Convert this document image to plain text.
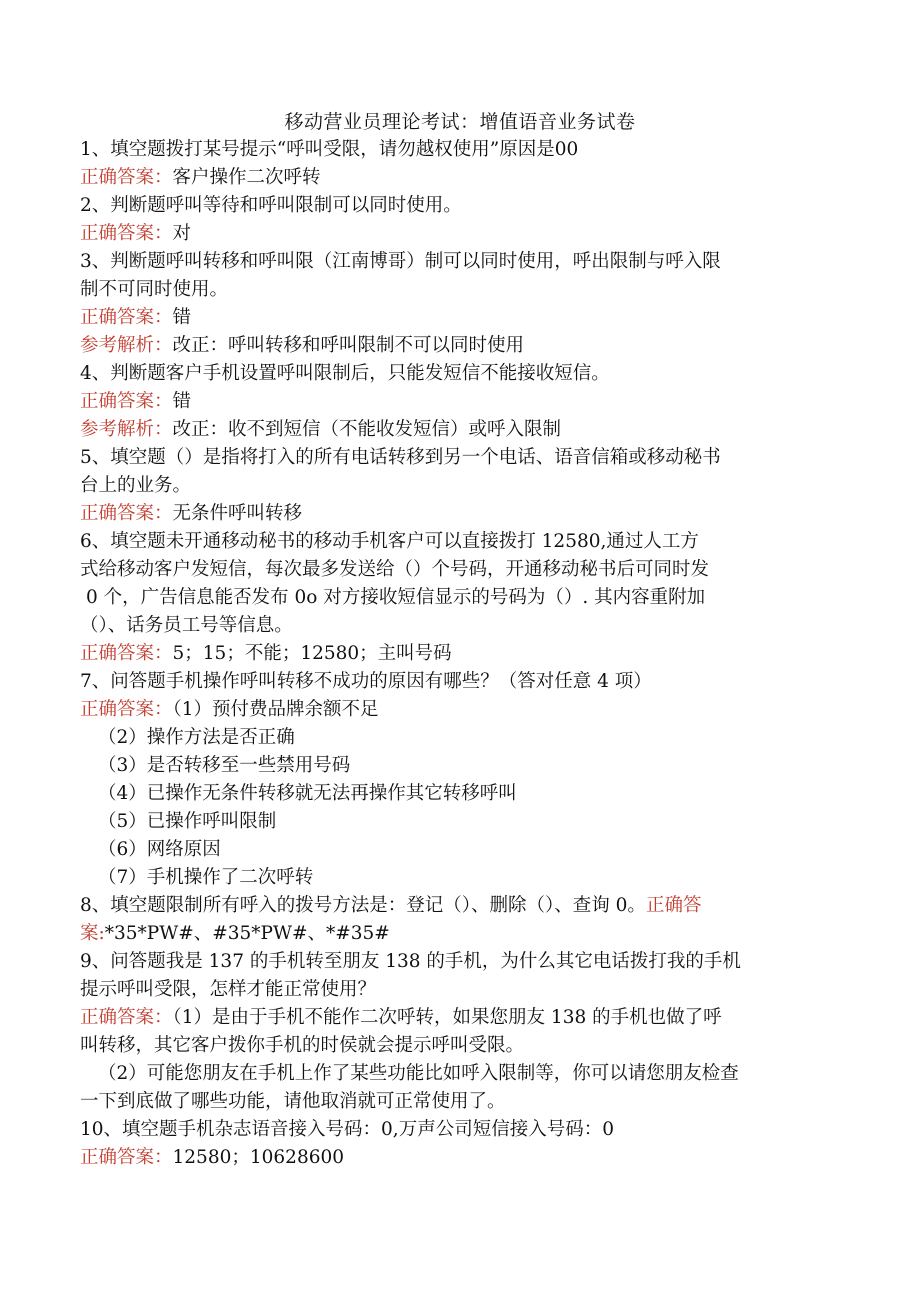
移动营业员理论考试：增值语音业务试卷
1、填空题拨打某号提示“呼叫受限，请勿越权使用”原因是00
正确答案：客户操作二次呼转
2、判断题呼叫等待和呼叫限制可以同时使用。
正确答案：对
3、判断题呼叫转移和呼叫限（江南博哥）制可以同时使用，呼出限制与呼入限
制不可同时使用。
正确答案：错
参考解析：改正：呼叫转移和呼叫限制不可以同时使用
4、判断题客户手机设置呼叫限制后，只能发短信不能接收短信。
正确答案：错
参考解析：改正：收不到短信（不能收发短信）或呼入限制
5、填空题（）是指将打入的所有电话转移到另一个电话、语音信箱或移动秘书
台上的业务。
正确答案：无条件呼叫转移
6、填空题未开通移动秘书的移动手机客户可以直接拨打 12580,通过人工方
式给移动客户发短信，每次最多发送给（）个号码，开通移动秘书后可同时发
0 个，广告信息能否发布 0o 对方接收短信显示的号码为（）. 其内容重附加
（）、话务员工号等信息。
正确答案：5；15；不能；12580；主叫号码
7、问答题手机操作呼叫转移不成功的原因有哪些？（答对任意 4 项）
正确答案：（1）预付费品牌余额不足
（2）操作方法是否正确
（3）是否转移至一些禁用号码
（4）已操作无条件转移就无法再操作其它转移呼叫
（5）已操作呼叫限制
（6）网络原因
（7）手机操作了二次呼转
8、填空题限制所有呼入的拨号方法是：登记（）、删除（）、查询 0。正确答
案:*35*PW#、#35*PW#、*#35#
9、问答题我是 137 的手机转至朋友 138 的手机，为什么其它电话拨打我的手机
提示呼叫受限，怎样才能正常使用？
正确答案：（1）是由于手机不能作二次呼转，如果您朋友 138 的手机也做了呼
叫转移，其它客户拨你手机的时侯就会提示呼叫受限。
（2）可能您朋友在手机上作了某些功能比如呼入限制等，你可以请您朋友检查
一下到底做了哪些功能，请他取消就可正常使用了。
10、填空题手机杂志语音接入号码：0,万声公司短信接入号码：0
正确答案：12580；10628600
